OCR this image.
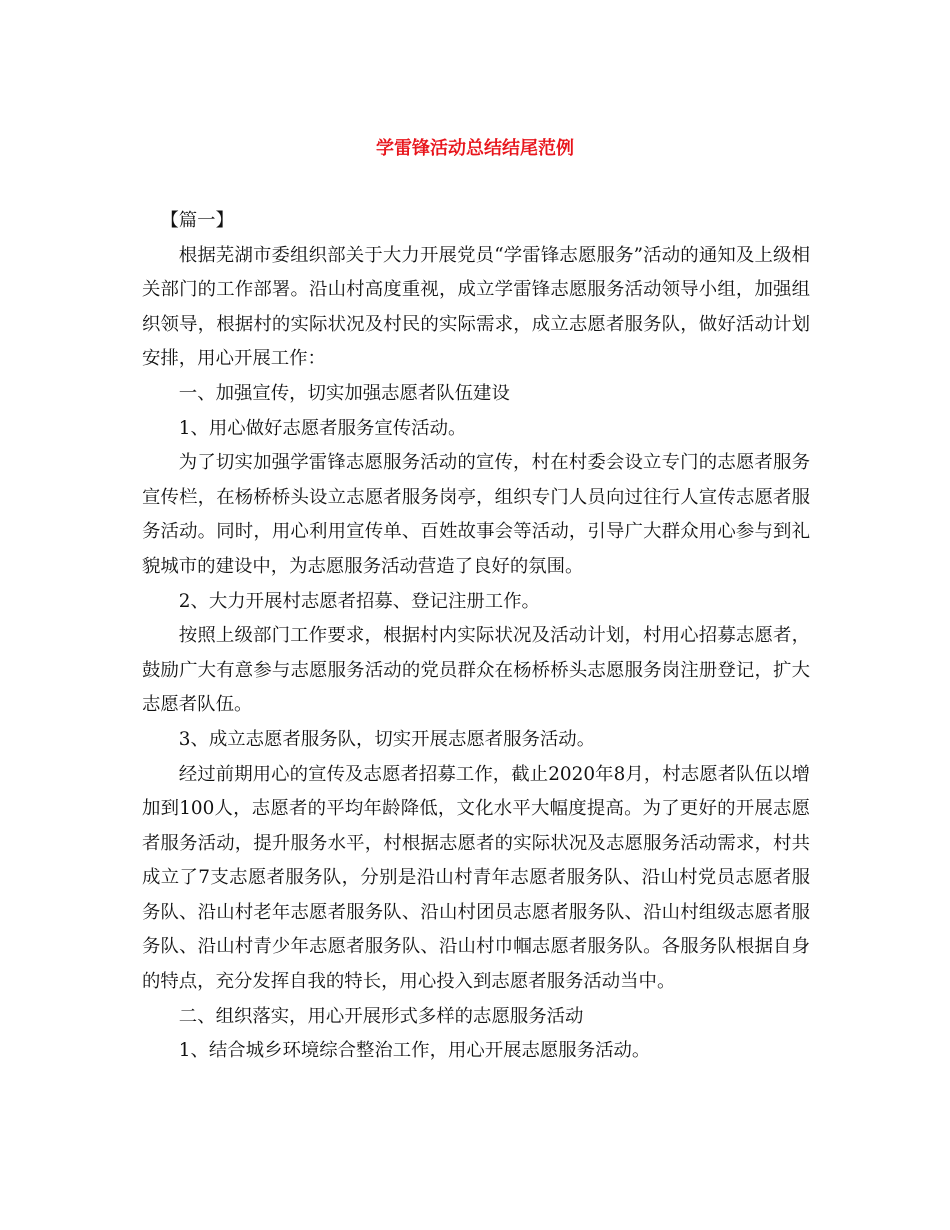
学雷锋活动总结结尾范例

【篇一】

根据芜湖市委组织部关于大力开展党员“学雷锋志愿服务”活动的通知及上级相关部门的工作部署。沿山村高度重视，成立学雷锋志愿服务活动领导小组，加强组织领导，根据村的实际状况及村民的实际需求，成立志愿者服务队，做好活动计划安排，用心开展工作：

一、加强宣传，切实加强志愿者队伍建设

1、用心做好志愿者服务宣传活动。

为了切实加强学雷锋志愿服务活动的宣传，村在村委会设立专门的志愿者服务宣传栏，在杨桥桥头设立志愿者服务岗亭，组织专门人员向过往行人宣传志愿者服务活动。同时，用心利用宣传单、百姓故事会等活动，引导广大群众用心参与到礼貌城市的建设中，为志愿服务活动营造了良好的氛围。

2、大力开展村志愿者招募、登记注册工作。

按照上级部门工作要求，根据村内实际状况及活动计划，村用心招募志愿者，鼓励广大有意参与志愿服务活动的党员群众在杨桥桥头志愿服务岗注册登记，扩大志愿者队伍。

3、成立志愿者服务队，切实开展志愿者服务活动。

经过前期用心的宣传及志愿者招募工作，截止2020年8月，村志愿者队伍以增加到100人，志愿者的平均年龄降低，文化水平大幅度提高。为了更好的开展志愿者服务活动，提升服务水平，村根据志愿者的实际状况及志愿服务活动需求，村共成立了7支志愿者服务队，分别是沿山村青年志愿者服务队、沿山村党员志愿者服务队、沿山村老年志愿者服务队、沿山村团员志愿者服务队、沿山村组级志愿者服务队、沿山村青少年志愿者服务队、沿山村巾帼志愿者服务队。各服务队根据自身的特点，充分发挥自我的特长，用心投入到志愿者服务活动当中。

二、组织落实，用心开展形式多样的志愿服务活动

1、结合城乡环境综合整治工作，用心开展志愿服务活动。
